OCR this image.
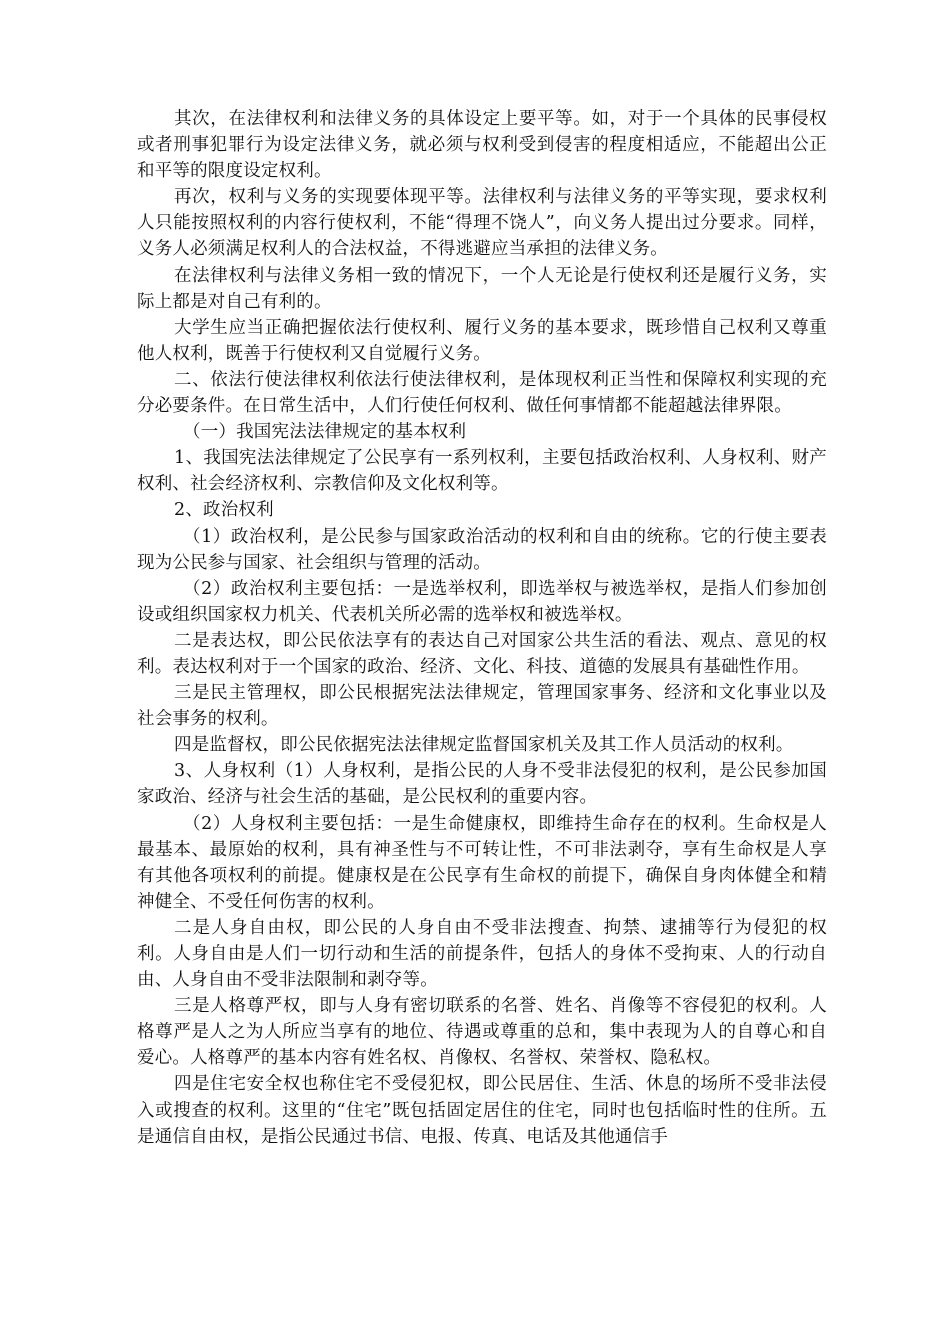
其次，在法律权利和法律义务的具体设定上要平等。如，对于一个具体的民事侵权或者刑事犯罪行为设定法律义务，就必须与权利受到侵害的程度相适应，不能超出公正和平等的限度设定权利。

再次，权利与义务的实现要体现平等。法律权利与法律义务的平等实现，要求权利人只能按照权利的内容行使权利，不能“得理不饶人”，向义务人提出过分要求。同样，义务人必须满足权利人的合法权益，不得逃避应当承担的法律义务。

在法律权利与法律义务相一致的情况下，一个人无论是行使权利还是履行义务，实际上都是对自己有利的。

大学生应当正确把握依法行使权利、履行义务的基本要求，既珍惜自己权利又尊重他人权利，既善于行使权利又自觉履行义务。

二、依法行使法律权利依法行使法律权利，是体现权利正当性和保障权利实现的充分必要条件。在日常生活中，人们行使任何权利、做任何事情都不能超越法律界限。

（一）我国宪法法律规定的基本权利

1、我国宪法法律规定了公民享有一系列权利，主要包括政治权利、人身权利、财产权利、社会经济权利、宗教信仰及文化权利等。

2、政治权利

（1）政治权利，是公民参与国家政治活动的权利和自由的统称。它的行使主要表现为公民参与国家、社会组织与管理的活动。

（2）政治权利主要包括：一是选举权利，即选举权与被选举权，是指人们参加创设或组织国家权力机关、代表机关所必需的选举权和被选举权。

二是表达权，即公民依法享有的表达自己对国家公共生活的看法、观点、意见的权利。表达权利对于一个国家的政治、经济、文化、科技、道德的发展具有基础性作用。

三是民主管理权，即公民根据宪法法律规定，管理国家事务、经济和文化事业以及社会事务的权利。

四是监督权，即公民依据宪法法律规定监督国家机关及其工作人员活动的权利。

3、人身权利（1）人身权利，是指公民的人身不受非法侵犯的权利，是公民参加国家政治、经济与社会生活的基础，是公民权利的重要内容。

（2）人身权利主要包括：一是生命健康权，即维持生命存在的权利。生命权是人最基本、最原始的权利，具有神圣性与不可转让性，不可非法剥夺，享有生命权是人享有其他各项权利的前提。健康权是在公民享有生命权的前提下，确保自身肉体健全和精神健全、不受任何伤害的权利。

二是人身自由权，即公民的人身自由不受非法搜查、拘禁、逮捕等行为侵犯的权利。人身自由是人们一切行动和生活的前提条件，包括人的身体不受拘束、人的行动自由、人身自由不受非法限制和剥夺等。

三是人格尊严权，即与人身有密切联系的名誉、姓名、肖像等不容侵犯的权利。人格尊严是人之为人所应当享有的地位、待遇或尊重的总和，集中表现为人的自尊心和自爱心。人格尊严的基本内容有姓名权、肖像权、名誉权、荣誉权、隐私权。

四是住宅安全权也称住宅不受侵犯权，即公民居住、生活、休息的场所不受非法侵入或搜查的权利。这里的“住宅”既包括固定居住的住宅，同时也包括临时性的住所。五是通信自由权，是指公民通过书信、电报、传真、电话及其他通信手
